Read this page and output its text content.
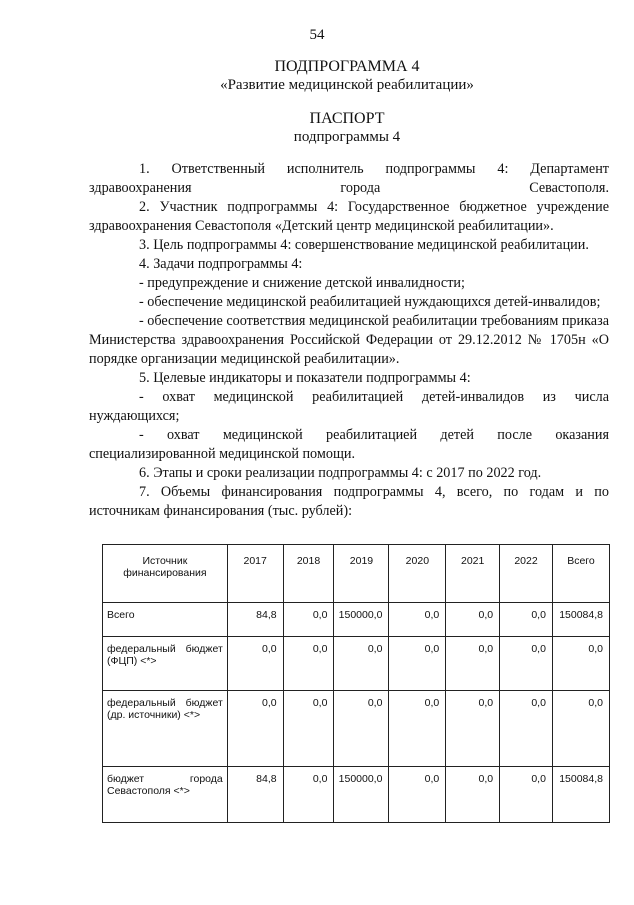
54
ПОДПРОГРАММА 4
«Развитие медицинской реабилитации»
ПАСПОРТ
подпрограммы 4

1. Ответственный исполнитель подпрограммы 4: Департамент здравоохранения города Севастополя.

2. Участник подпрограммы 4: Государственное бюджетное учреждение здравоохранения Севастополя «Детский центр медицинской реабилитации».

3. Цель подпрограммы 4: совершенствование медицинской реабилитации.

4. Задачи подпрограммы 4:

- предупреждение и снижение детской инвалидности;

- обеспечение медицинской реабилитацией нуждающихся детей-инвалидов;

- обеспечение соответствия медицинской реабилитации требованиям приказа Министерства здравоохранения Российской Федерации от 29.12.2012 № 1705н «О порядке организации медицинской реабилитации».

5. Целевые индикаторы и показатели подпрограммы 4:

- охват медицинской реабилитацией детей-инвалидов из числа нуждающихся;

- охват медицинской реабилитацией детей после оказания специализированной медицинской помощи.

6. Этапы и сроки реализации подпрограммы 4: с 2017 по 2022 год.

7. Объемы финансирования подпрограммы 4, всего, по годам и по источникам финансирования (тыс. рублей):

Источник финансирования	2017	2018	2019	2020	2021	2022	Всего
Всего	84,8	0,0	150000,0	0,0	0,0	0,0	150084,8
федеральный бюджет (ФЦП) <*>	0,0	0,0	0,0	0,0	0,0	0,0	0,0
федеральный бюджет (др. источники) <*>	0,0	0,0	0,0	0,0	0,0	0,0	0,0
бюджет города Севастополя <*>	84,8	0,0	150000,0	0,0	0,0	0,0	150084,8
